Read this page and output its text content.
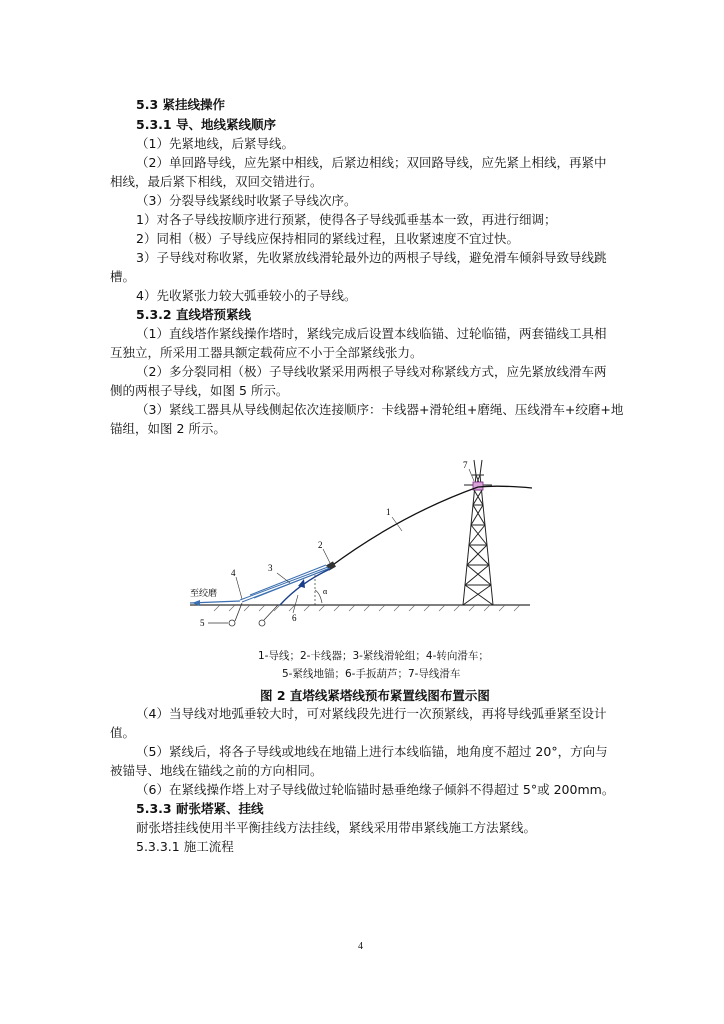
5.3 紧挂线操作
5.3.1 导、地线紧线顺序
（1）先紧地线，后紧导线。
（2）单回路导线，应先紧中相线，后紧边相线；双回路导线，应先紧上相线，再紧中
相线，最后紧下相线，双回交错进行。
（3）分裂导线紧线时收紧子导线次序。
1）对各子导线按顺序进行预紧，使得各子导线弧垂基本一致，再进行细调；
2）同相（极）子导线应保持相同的紧线过程，且收紧速度不宜过快。
3）子导线对称收紧，先收紧放线滑轮最外边的两根子导线，避免滑车倾斜导致导线跳
槽。
4）先收紧张力较大弧垂较小的子导线。
5.3.2 直线塔预紧线
（1）直线塔作紧线操作塔时，紧线完成后设置本线临锚、过轮临锚，两套锚线工具相
互独立，所采用工器具额定载荷应不小于全部紧线张力。
（2）多分裂同相（极）子导线收紧采用两根子导线对称紧线方式，应先紧放线滑车两
侧的两根子导线，如图 5 所示。
（3）紧线工器具从导线侧起依次连接顺序：卡线器+滑轮组+磨绳、压线滑车+绞磨+地
锚组，如图 2 所示。
至绞磨
1
2
3
4
5	6
7
α
1-导线；2-卡线器；3-紧线滑轮组；4-转向滑车；
5-紧线地锚；6-手扳葫芦；7-导线滑车
图 2 直塔线紧塔线预布紧置线图布置示图
（4）当导线对地弧垂较大时，可对紧线段先进行一次预紧线，再将导线弧垂紧至设计
值。
（5）紧线后，将各子导线或地线在地锚上进行本线临锚，地角度不超过 20°，方向与
被锚导、地线在锚线之前的方向相同。
（6）在紧线操作塔上对子导线做过轮临锚时悬垂绝缘子倾斜不得超过 5°或 200mm。
5.3.3 耐张塔紧、挂线
耐张塔挂线使用半平衡挂线方法挂线，紧线采用带串紧线施工方法紧线。
5.3.3.1 施工流程
4
